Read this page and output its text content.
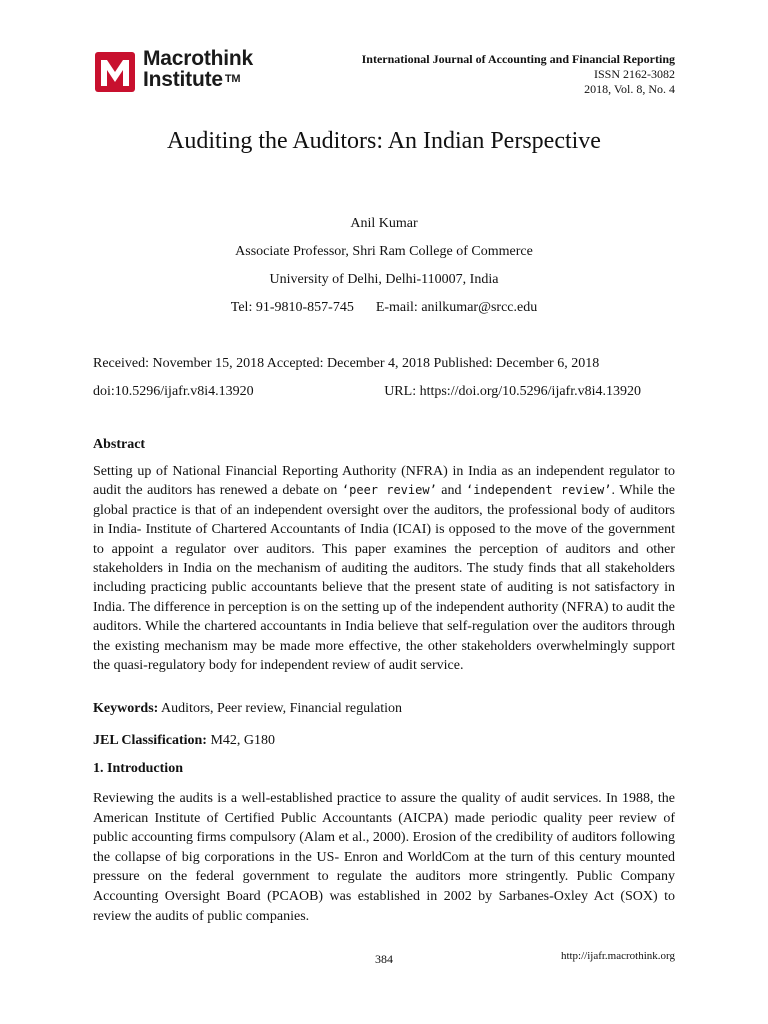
Macrothink
Institute ™
International Journal of Accounting and Financial Reporting
ISSN 2162-3082
2018, Vol. 8, No. 4
Auditing the Auditors: An Indian Perspective
Anil Kumar
Associate Professor, Shri Ram College of Commerce
University of Delhi, Delhi-110007, India
Tel: 91-9810-857-745 E-mail: anilkumar@srcc.edu
Received: November 15, 2018 Accepted: December 4, 2018 Published: December 6, 2018
doi:10.5296/ijafr.v8i4.13920	URL: https://doi.org/10.5296/ijafr.v8i4.13920
Abstract

Setting up of National Financial Reporting Authority (NFRA) in India as an independent regulator to audit the auditors has renewed a debate on ‘peer review’ and ‘independent review’. While the global practice is that of an independent oversight over the auditors, the professional body of auditors in India- Institute of Chartered Accountants of India (ICAI) is opposed to the move of the government to appoint a regulator over auditors. This paper examines the perception of auditors and other stakeholders in India on the mechanism of auditing the auditors. The study finds that all stakeholders including practicing public accountants believe that the present state of auditing is not satisfactory in India. The difference in perception is on the setting up of the independent authority (NFRA) to audit the auditors. While the chartered accountants in India believe that self-regulation over the auditors through the existing mechanism may be made more effective, the other stakeholders overwhelmingly support the quasi-regulatory body for independent review of audit service.

Keywords: Auditors, Peer review, Financial regulation
JEL Classification: M42, G180
1. Introduction

Reviewing the audits is a well-established practice to assure the quality of audit services. In 1988, the American Institute of Certified Public Accountants (AICPA) made periodic quality peer review of public accounting firms compulsory (Alam et al., 2000). Erosion of the credibility of auditors following the collapse of big corporations in the US- Enron and WorldCom at the turn of this century mounted pressure on the federal government to regulate the auditors more stringently. Public Company Accounting Oversight Board (PCAOB) was established in 2002 by Sarbanes-Oxley Act (SOX) to review the audits of public companies.

384	http://ijafr.macrothink.org
